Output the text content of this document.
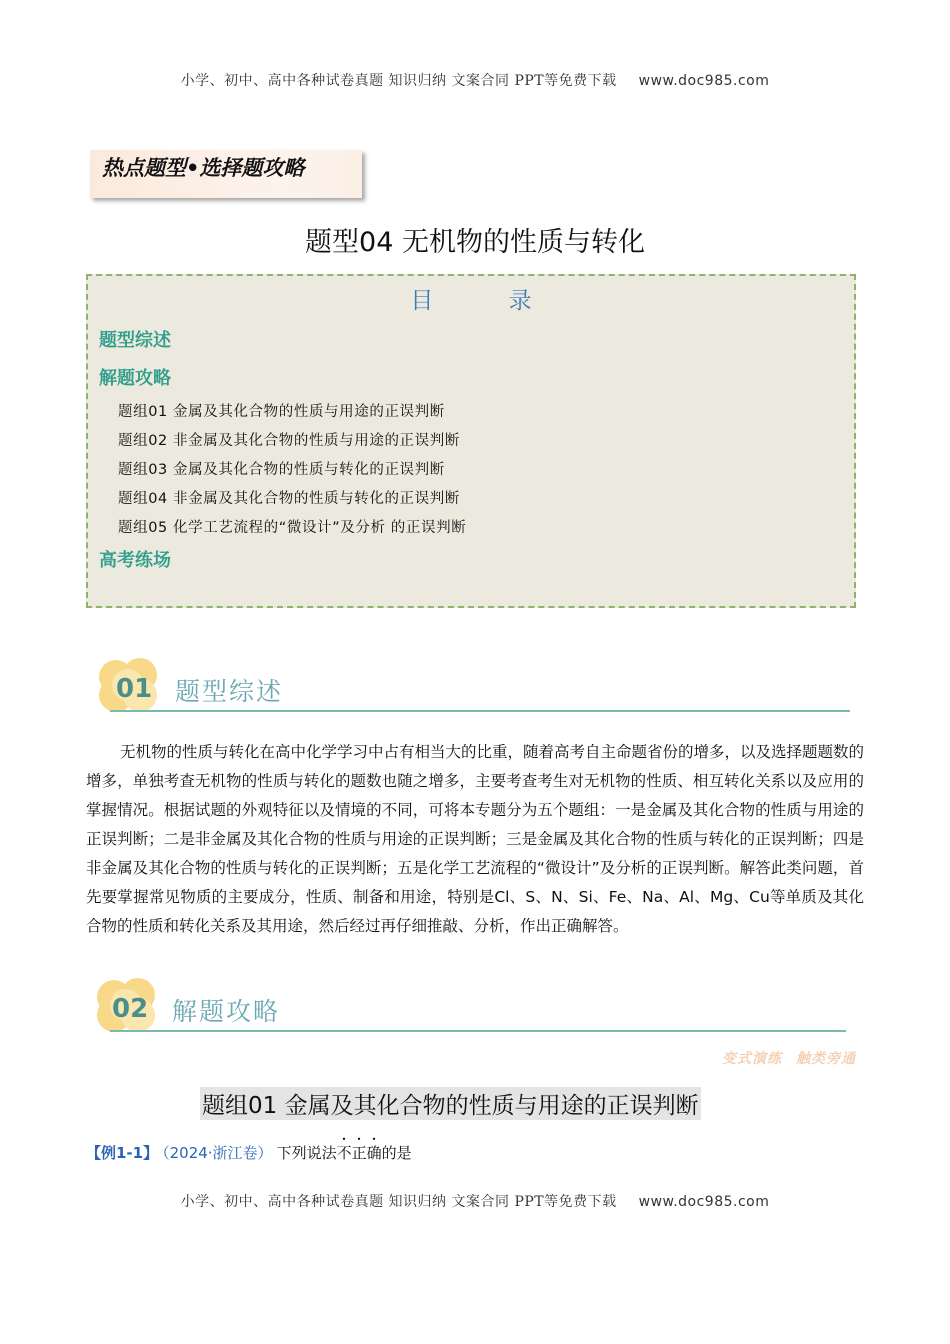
小学、初中、高中各种试卷真题 知识归纳 文案合同 PPT等免费下载 www.doc985.com
热点题型•选择题攻略
题型04 无机物的性质与转化
目 录
题型综述
解题攻略
题组01 金属及其化合物的性质与用途的正误判断
题组02 非金属及其化合物的性质与用途的正误判断
题组03 金属及其化合物的性质与转化的正误判断
题组04 非金属及其化合物的性质与转化的正误判断
题组05 化学工艺流程的“微设计”及分析 的正误判断
高考练场
01 题型综述
无机物的性质与转化在高中化学学习中占有相当大的比重，随着高考自主命题省份的增多，以及选择题题数的增多，单独考查无机物的性质与转化的题数也随之增多，主要考查考生对无机物的性质、相互转化关系以及应用的掌握情况。根据试题的外观特征以及情境的不同，可将本专题分为五个题组：一是金属及其化合物的性质与用途的正误判断；二是非金属及其化合物的性质与用途的正误判断；三是金属及其化合物的性质与转化的正误判断；四是非金属及其化合物的性质与转化的正误判断；五是化学工艺流程的“微设计”及分析的正误判断。解答此类问题，首先要掌握常见物质的主要成分，性质、制备和用途，特别是Cl、S、N、Si、Fe、Na、Al、Mg、Cu等单质及其化合物的性质和转化关系及其用途，然后经过再仔细推敲、分析，作出正确解答。
02 解题攻略
变式演练 触类旁通
题组01 金属及其化合物的性质与用途的正误判断
【例1-1】 （2024·浙江卷） 下列说法不正确的是
小学、初中、高中各种试卷真题 知识归纳 文案合同 PPT等免费下载 www.doc985.com
